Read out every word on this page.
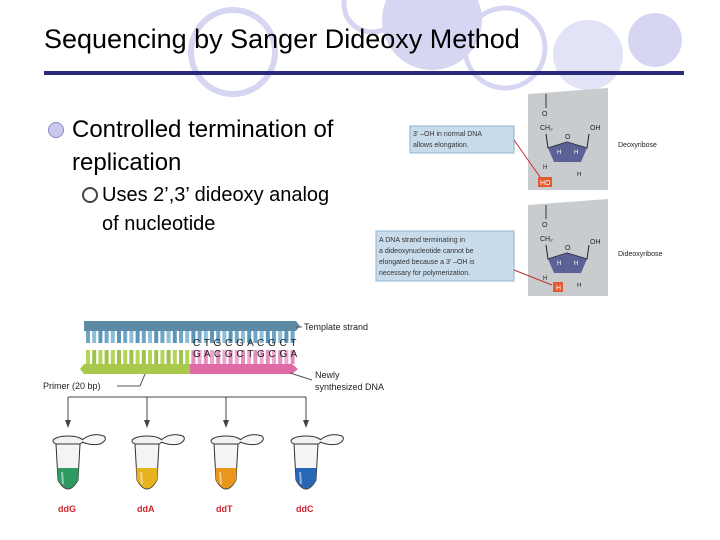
Sequencing by Sanger Dideoxy Method
Controlled termination of replication
Uses 2’,3’ dideoxy analog of nucleotide
3’ –OH in normal DNA
allows elongation.
O
CH₂
O
OH
H H
H
H
HO
Deoxyribose
A DNA strand terminating in
a dideoxynucleotide cannot be
elongated because a 3’ –OH is
necessary for polymerization.
O
CH₂
O
OH
H H
H
H
H
Dideoxyribose
Template strand
C T G C G A C G C T
G A C G C T G C G A
Primer (20 bp)
Newly
synthesized DNA
ddG	ddA	ddT	ddC
